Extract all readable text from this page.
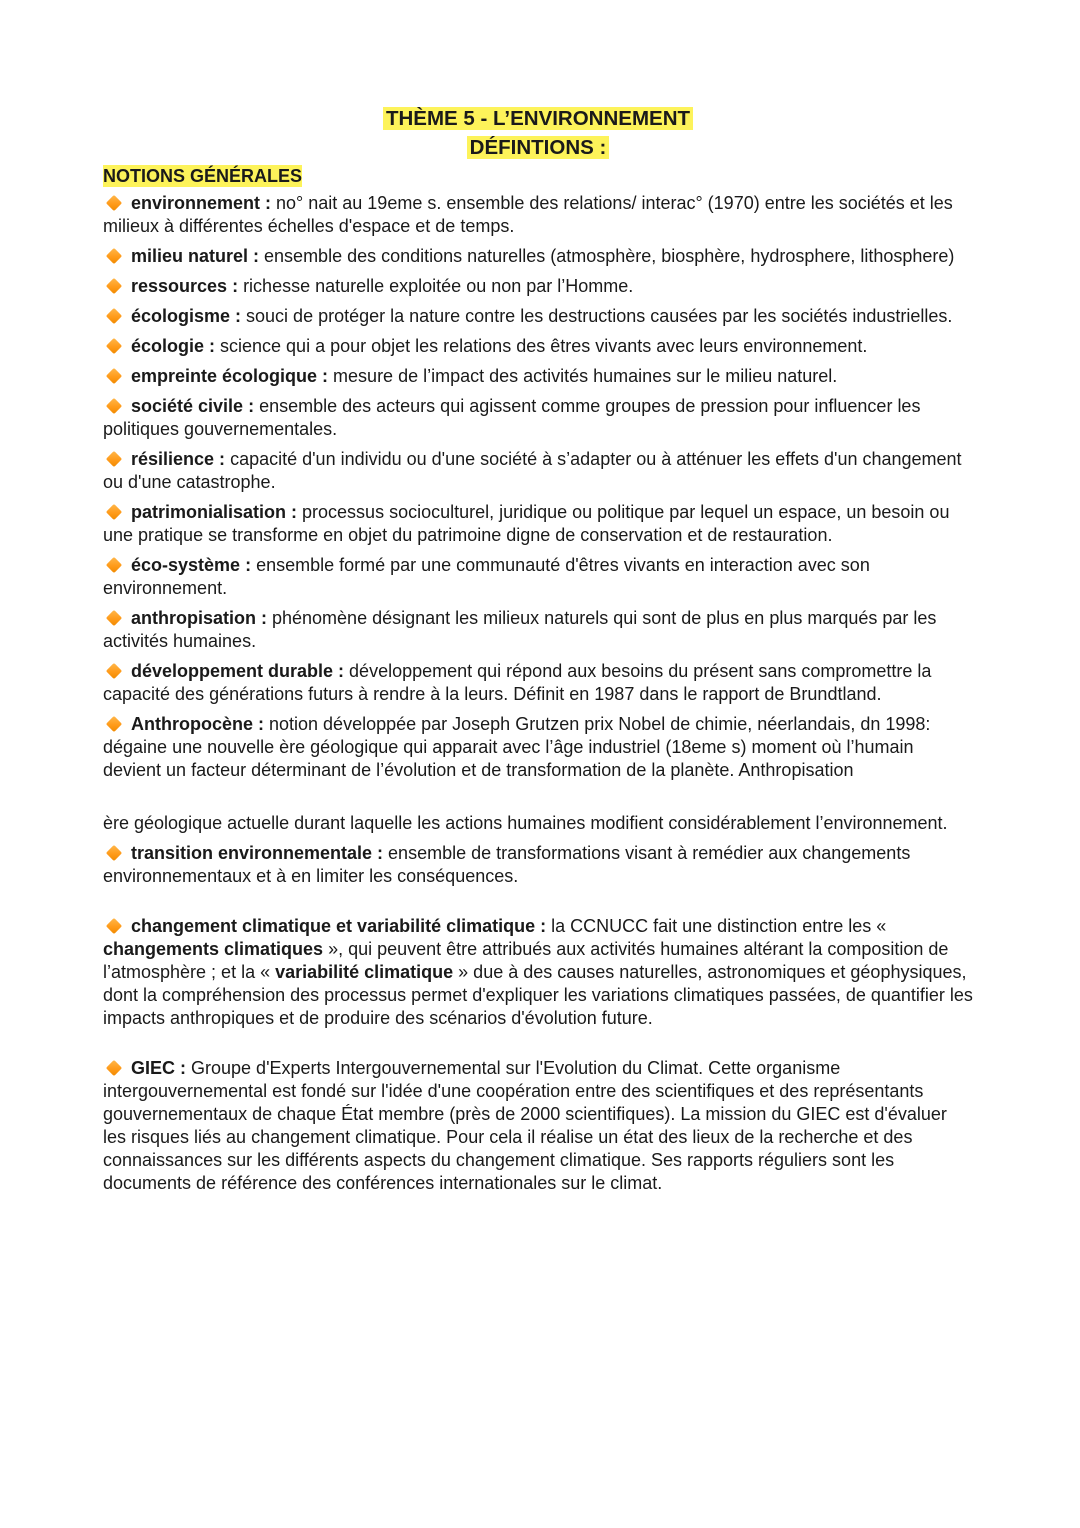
THÈME 5 - L’ENVIRONNEMENT
DÉFINTIONS :
NOTIONS GÉNÉRALES
environnement : no° nait au 19eme s. ensemble des relations/ interac° (1970) entre les sociétés et les milieux à différentes échelles d'espace et de temps.
milieu naturel : ensemble des conditions naturelles (atmosphère, biosphère, hydrosphere, lithosphere)
ressources : richesse naturelle exploitée ou non par l’Homme.
écologisme : souci de protéger la nature contre les destructions causées par les sociétés industrielles.
écologie : science qui a pour objet les relations des êtres vivants avec leurs environnement.
empreinte écologique : mesure de l’impact des activités humaines sur le milieu naturel.
société civile : ensemble des acteurs qui agissent comme groupes de pression pour influencer les politiques gouvernementales.
résilience : capacité d'un individu ou d'une société à s’adapter ou à atténuer les effets d'un changement ou d'une catastrophe.
patrimonialisation : processus socioculturel, juridique ou politique par lequel un espace, un besoin ou une pratique se transforme en objet du patrimoine digne de conservation et de restauration.
éco-système : ensemble formé par une communauté d'êtres vivants en interaction avec son environnement.
anthropisation : phénomène désignant les milieux naturels qui sont de plus en plus marqués par les activités humaines.
développement durable : développement qui répond aux besoins du présent sans compromettre la capacité des générations futurs à rendre à la leurs. Définit en 1987 dans le rapport de Brundtland.
Anthropocène : notion développée par Joseph Grutzen prix Nobel de chimie, néerlandais, dn 1998: dégaine une nouvelle ère géologique qui apparait avec l’âge industriel (18eme s) moment où l’humain devient un facteur déterminant de l’évolution et de transformation de la planète. Anthropisation
ère géologique actuelle durant laquelle les actions humaines modifient considérablement l’environnement.
transition environnementale : ensemble de transformations visant à remédier aux changements environnementaux et à en limiter les conséquences.
changement climatique et variabilité climatique : la CCNUCC fait une distinction entre les « changements climatiques », qui peuvent être attribués aux activités humaines altérant la composition de l’atmosphère ; et la « variabilité climatique » due à des causes naturelles, astronomiques et géophysiques, dont la compréhension des processus permet d'expliquer les variations climatiques passées, de quantifier les impacts anthropiques et de produire des scénarios d'évolution future.
GIEC : Groupe d'Experts Intergouvernemental sur l'Evolution du Climat. Cette organisme intergouvernemental est fondé sur l'idée d'une coopération entre des scientifiques et des représentants gouvernementaux de chaque État membre (près de 2000 scientifiques). La mission du GIEC est d'évaluer les risques liés au changement climatique. Pour cela il réalise un état des lieux de la recherche et des connaissances sur les différents aspects du changement climatique. Ses rapports réguliers sont les documents de référence des conférences internationales sur le climat.
